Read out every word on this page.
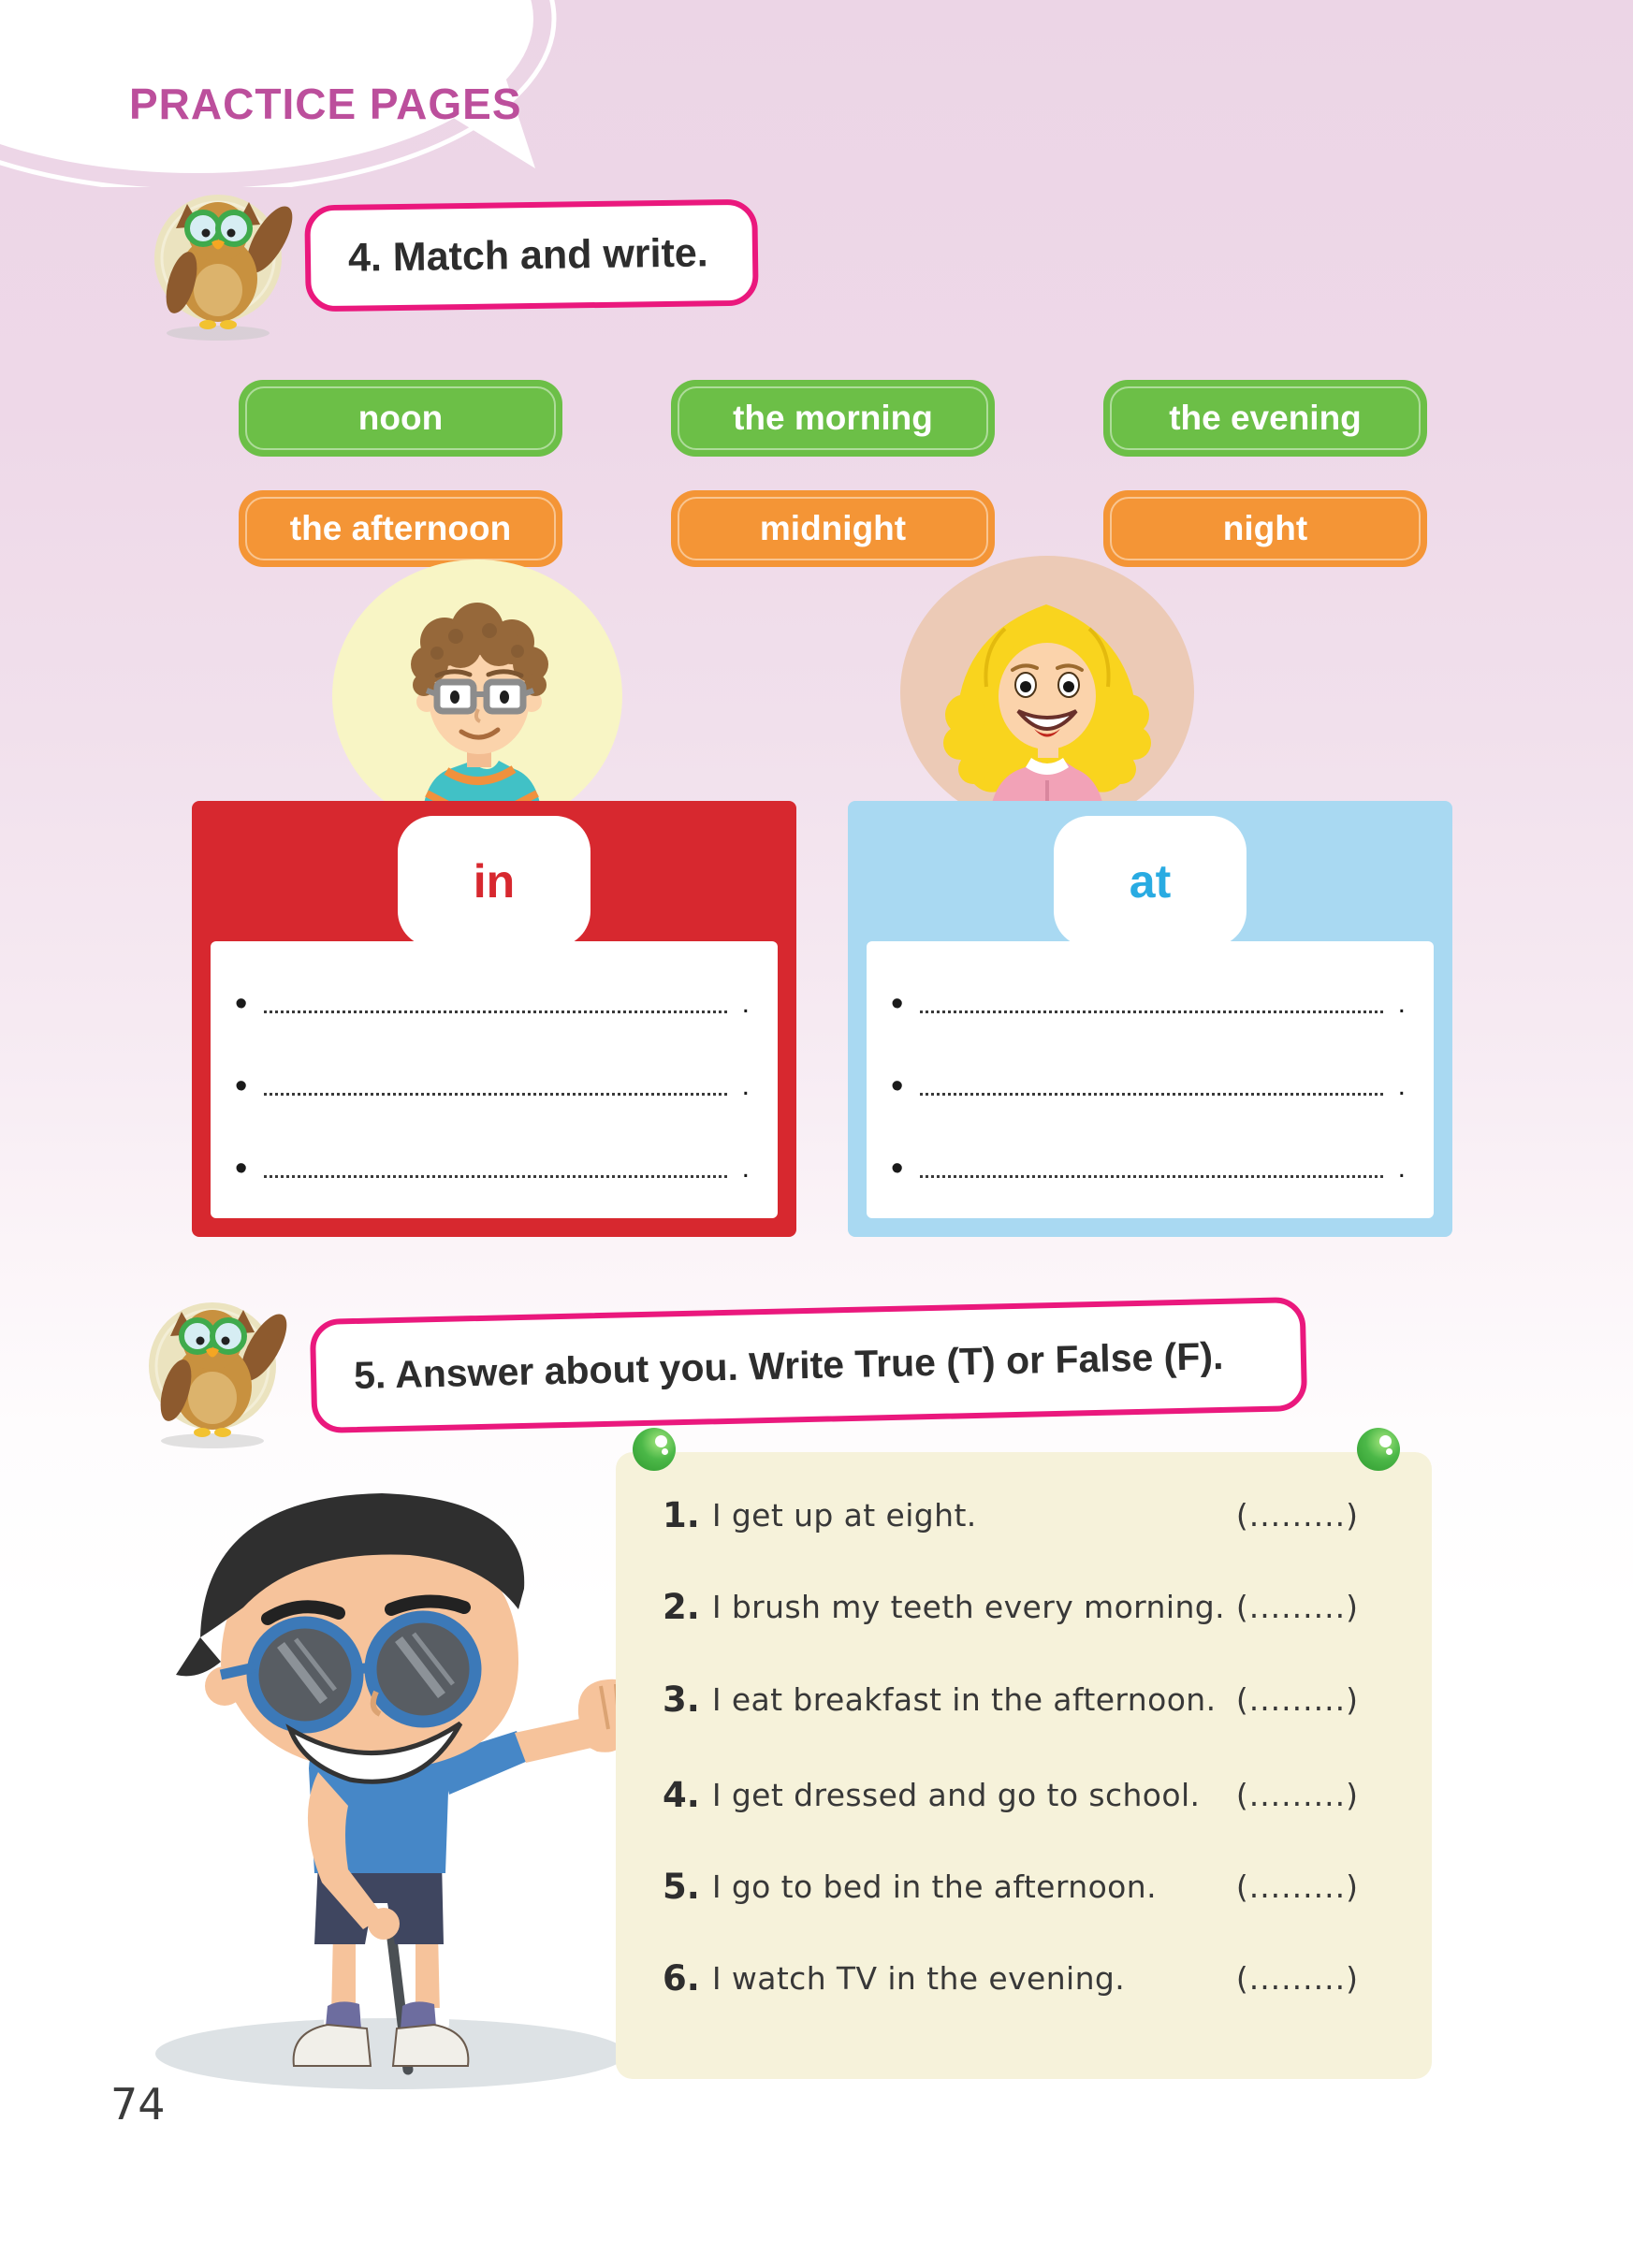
PRACTICE PAGES
4. Match and write.
noon	the morning	the evening
the afternoon	midnight	night
in
•	.
•	.
•	.
at
•	.
•	.
•	.
5. Answer about you. Write True (T) or False (F).
1. I get up at eight.	(.........)
2. I brush my teeth every morning. (.........)
3. I eat breakfast in the afternoon. (.........)
4. I get dressed and go to school. (.........)
5. I go to bed in the afternoon.	(.........)
6. I watch TV in the evening.	(.........)
74
